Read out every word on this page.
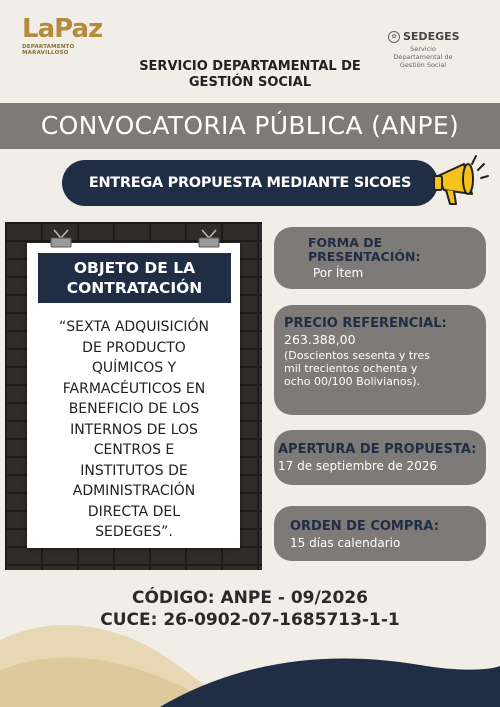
LaPaz
DEPARTAMENTO MARAVILLOSO
✿ SEDEGES
Servicio Departamental de Gestión Social
SERVICIO DEPARTAMENTAL DE
GESTIÓN SOCIAL
CONVOCATORIA PÚBLICA (ANPE)
ENTREGA PROPUESTA MEDIANTE SICOES
OBJETO DE LA
CONTRATACIÓN
“SEXTA ADQUISICIÓN
DE PRODUCTO
QUÍMICOS Y
FARMACÉUTICOS EN
BENEFICIO DE LOS
INTERNOS DE LOS
CENTROS E
INSTITUTOS DE
ADMINISTRACIÓN
DIRECTA DEL
SEDEGES”.
FORMA DE
PRESENTACIÓN:
Por Ítem
PRECIO REFERENCIAL:
263.388,00
(Doscientos sesenta y tres
mil trecientos ochenta y
ocho 00/100 Bolivianos).
APERTURA DE PROPUESTA:
17 de septiembre de 2026
ORDEN DE COMPRA:
15 días calendario
CÓDIGO: ANPE - 09/2026
CUCE: 26-0902-07-1685713-1-1
